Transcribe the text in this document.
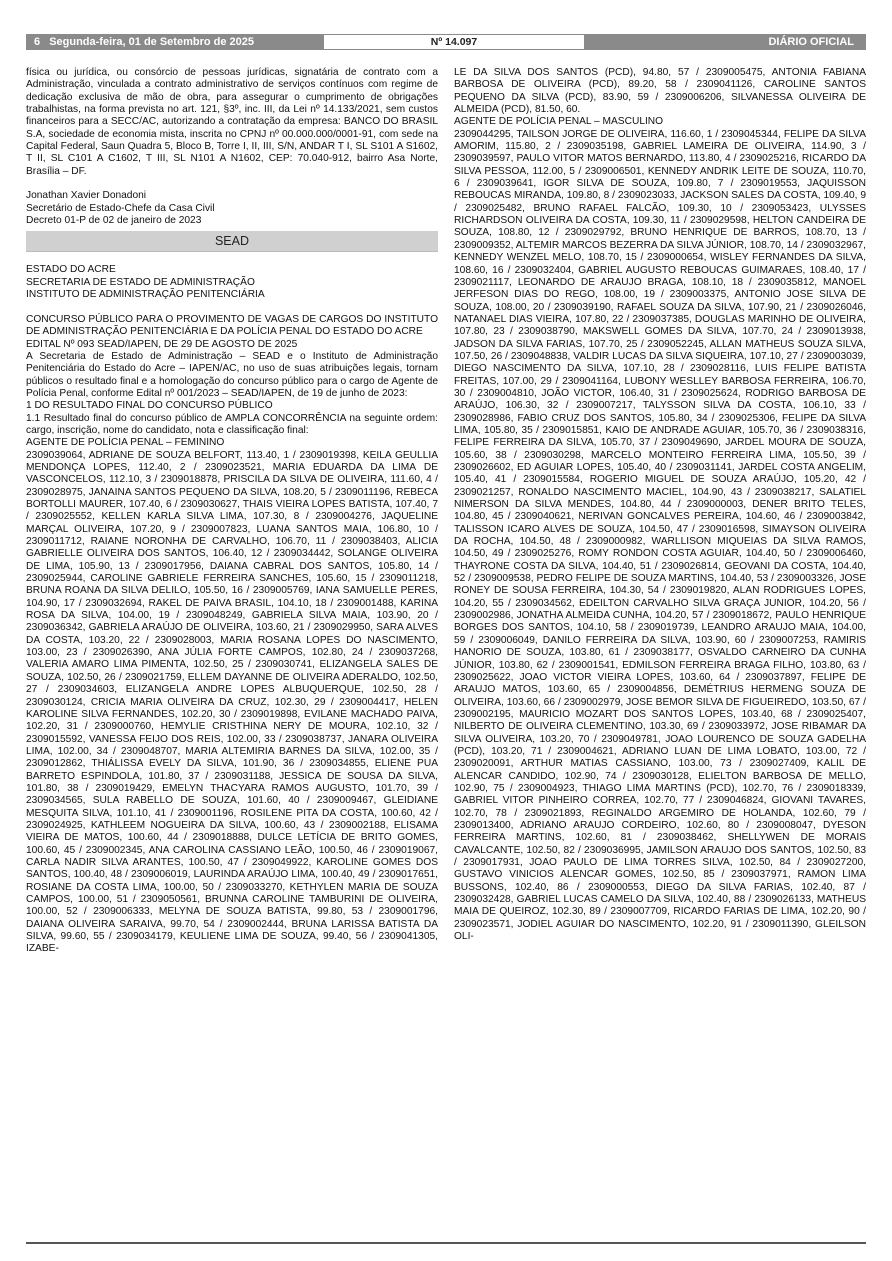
6 Segunda-feira, 01 de Setembro de 2025	Nº 14.097	DIÁRIO OFICIAL

física ou jurídica, ou consórcio de pessoas jurídicas, signatária de contrato com a Administração, vinculada a contrato administrativo de serviços contínuos com regime de dedicação exclusiva de mão de obra, para assegurar o cumprimento de obrigações trabalhistas, na forma prevista no art. 121, §3º, inc. III, da Lei nº 14.133/2021, sem custos financeiros para a SECC/AC, autorizando a contratação da empresa: BANCO DO BRASIL S.A, sociedade de economia mista, inscrita no CPNJ nº 00.000.000/0001-91, com sede na Capital Federal, Saun Quadra 5, Bloco B, Torre I, II, III, S/N, ANDAR T I, SL S101 A S1602, T II, SL C101 A C1602, T III, SL N101 A N1602, CEP: 70.040-912, bairro Asa Norte, Brasília – DF.

Jonathan Xavier Donadoni

Secretário de Estado-Chefe da Casa Civil

Decreto 01-P de 02 de janeiro de 2023

SEAD

ESTADO DO ACRE

SECRETARIA DE ESTADO DE ADMINISTRAÇÃO

INSTITUTO DE ADMINISTRAÇÃO PENITENCIÁRIA

CONCURSO PÚBLICO PARA O PROVIMENTO DE VAGAS DE CARGOS DO INSTITUTO DE ADMINISTRAÇÃO PENITENCIÁRIA E DA POLÍCIA PENAL DO ESTADO DO ACRE

EDITAL Nº 093 SEAD/IAPEN, DE 29 DE AGOSTO DE 2025

A Secretaria de Estado de Administração – SEAD e o Instituto de Administração Penitenciária do Estado do Acre – IAPEN/AC, no uso de suas atribuições legais, tornam públicos o resultado final e a homologação do concurso público para o cargo de Agente de Polícia Penal, conforme Edital nº 001/2023 – SEAD/IAPEN, de 19 de junho de 2023:

1 DO RESULTADO FINAL DO CONCURSO PÚBLICO

1.1 Resultado final do concurso público de AMPLA CONCORRÊNCIA na seguinte ordem: cargo, inscrição, nome do candidato, nota e classificação final:

AGENTE DE POLÍCIA PENAL – FEMININO

2309039064, ADRIANE DE SOUZA BELFORT, 113.40, 1 / 2309019398, KEILA GEULLIA MENDONÇA LOPES, 112.40, 2 / 2309023521, MARIA EDUARDA DA LIMA DE VASCONCELOS, 112.10, 3 / 2309018878, PRISCILA DA SILVA DE OLIVEIRA, 111.60, 4 / 2309028975, JANAINA SANTOS PEQUENO DA SILVA, 108.20, 5 / 2309011196, REBECA BORTOLLI MAURER, 107.40, 6 / 2309030627, THAIS VIEIRA LOPES BATISTA, 107.40, 7 / 2309025552, KELLEN KARLA SILVA LIMA, 107.30, 8 / 2309004276, JAQUELINE MARÇAL OLIVEIRA, 107.20, 9 / 2309007823, LUANA SANTOS MAIA, 106.80, 10 / 2309011712, RAIANE NORONHA DE CARVALHO, 106.70, 11 / 2309038403, ALICIA GABRIELLE OLIVEIRA DOS SANTOS, 106.40, 12 / 2309034442, SOLANGE OLIVEIRA DE LIMA, 105.90, 13 / 2309017956, DAIANA CABRAL DOS SANTOS, 105.80, 14 / 2309025944, CAROLINE GABRIELE FERREIRA SANCHES, 105.60, 15 / 2309011218, BRUNA ROANA DA SILVA DELILO, 105.50, 16 / 2309005769, IANA SAMUELLE PERES, 104.90, 17 / 2309032694, RAKEL DE PAIVA BRASIL, 104.10, 18 / 2309001488, KARINA ROSA DA SILVA, 104.00, 19 / 2309048249, GABRIELA SILVA MAIA, 103.90, 20 / 2309036342, GABRIELA ARAÚJO DE OLIVEIRA, 103.60, 21 / 2309029950, SARA ALVES DA COSTA, 103.20, 22 / 2309028003, MARIA ROSANA LOPES DO NASCIMENTO, 103.00, 23 / 2309026390, ANA JÚLIA FORTE CAMPOS, 102.80, 24 / 2309037268, VALERIA AMARO LIMA PIMENTA, 102.50, 25 / 2309030741, ELIZANGELA SALES DE SOUZA, 102.50, 26 / 2309021759, ELLEM DAYANNE DE OLIVEIRA ADERALDO, 102.50, 27 / 2309034603, ELIZANGELA ANDRE LOPES ALBUQUERQUE, 102.50, 28 / 2309030124, CRICIA MARIA OLIVEIRA DA CRUZ, 102.30, 29 / 2309004417, HELEN KAROLINE SILVA FERNANDES, 102.20, 30 / 2309019898, EVILANE MACHADO PAIVA, 102.20, 31 / 2309000760, HEMYLIE CRISTHINA NERY DE MOURA, 102.10, 32 / 2309015592, VANESSA FEIJO DOS REIS, 102.00, 33 / 2309038737, JANARA OLIVEIRA LIMA, 102.00, 34 / 2309048707, MARIA ALTEMIRIA BARNES DA SILVA, 102.00, 35 / 2309012862, THIÁLISSA EVELY DA SILVA, 101.90, 36 / 2309034855, ELIENE PUA BARRETO ESPINDOLA, 101.80, 37 / 2309031188, JESSICA DE SOUSA DA SILVA, 101.80, 38 / 2309019429, EMELYN THACYARA RAMOS AUGUSTO, 101.70, 39 / 2309034565, SULA RABELLO DE SOUZA, 101.60, 40 / 2309009467, GLEIDIANE MESQUITA SILVA, 101.10, 41 / 2309001196, ROSILENE PITA DA COSTA, 100.60, 42 / 2309024925, KATHLEEM NOGUEIRA DA SILVA, 100.60, 43 / 2309002188, ELISAMA VIEIRA DE MATOS, 100.60, 44 / 2309018888, DULCE LETÍCIA DE BRITO GOMES, 100.60, 45 / 2309002345, ANA CAROLINA CASSIANO LEÃO, 100.50, 46 / 2309019067, CARLA NADIR SILVA ARANTES, 100.50, 47 / 2309049922, KAROLINE GOMES DOS SANTOS, 100.40, 48 / 2309006019, LAURINDA ARAÚJO LIMA, 100.40, 49 / 2309017651, ROSIANE DA COSTA LIMA, 100.00, 50 / 2309033270, KETHYLEN MARIA DE SOUZA CAMPOS, 100.00, 51 / 2309050561, BRUNNA CAROLINE TAMBURINI DE OLIVEIRA, 100.00, 52 / 2309006333, MELYNA DE SOUZA BATISTA, 99.80, 53 / 2309001796, DAIANA OLIVEIRA SARAIVA, 99.70, 54 / 2309002444, BRUNA LARISSA BATISTA DA SILVA, 99.60, 55 / 2309034179, KEULIENE LIMA DE SOUZA, 99.40, 56 / 2309041305, IZABE-

LE DA SILVA DOS SANTOS (PCD), 94.80, 57 / 2309005475, ANTONIA FABIANA BARBOSA DE OLIVEIRA (PCD), 89.20, 58 / 2309041126, CAROLINE SANTOS PEQUENO DA SILVA (PCD), 83.90, 59 / 2309006206, SILVANESSA OLIVEIRA DE ALMEIDA (PCD), 81.50, 60.

AGENTE DE POLÍCIA PENAL – MASCULINO

2309044295, TAILSON JORGE DE OLIVEIRA, 116.60, 1 / 2309045344, FELIPE DA SILVA AMORIM, 115.80, 2 / 2309035198, GABRIEL LAMEIRA DE OLIVEIRA, 114.90, 3 / 2309039597, PAULO VITOR MATOS BERNARDO, 113.80, 4 / 2309025216, RICARDO DA SILVA PESSOA, 112.00, 5 / 2309006501, KENNEDY ANDRIK LEITE DE SOUZA, 110.70, 6 / 2309039641, IGOR SILVA DE SOUZA, 109.80, 7 / 2309019553, JAQUISSON REBOUCAS MIRANDA, 109.80, 8 / 2309023033, JACKSON SALES DA COSTA, 109.40, 9 / 2309025482, BRUNO RAFAEL FALCÃO, 109.30, 10 / 2309053423, ULYSSES RICHARDSON OLIVEIRA DA COSTA, 109.30, 11 / 2309029598, HELTON CANDEIRA DE SOUZA, 108.80, 12 / 2309029792, BRUNO HENRIQUE DE BARROS, 108.70, 13 / 2309009352, ALTEMIR MARCOS BEZERRA DA SILVA JÚNIOR, 108.70, 14 / 2309032967, KENNEDY WENZEL MELO, 108.70, 15 / 2309000654, WISLEY FERNANDES DA SILVA, 108.60, 16 / 2309032404, GABRIEL AUGUSTO REBOUCAS GUIMARAES, 108.40, 17 / 2309021117, LEONARDO DE ARAUJO BRAGA, 108.10, 18 / 2309035812, MANOEL JERFESON DIAS DO REGO, 108.00, 19 / 2309003375, ANTONIO JOSE SILVA DE SOUZA, 108.00, 20 / 2309039190, RAFAEL SOUZA DA SILVA, 107.90, 21 / 2309026046, NATANAEL DIAS VIEIRA, 107.80, 22 / 2309037385, DOUGLAS MARINHO DE OLIVEIRA, 107.80, 23 / 2309038790, MAKSWELL GOMES DA SILVA, 107.70, 24 / 2309013938, JADSON DA SILVA FARIAS, 107.70, 25 / 2309052245, ALLAN MATHEUS SOUZA SILVA, 107.50, 26 / 2309048838, VALDIR LUCAS DA SILVA SIQUEIRA, 107.10, 27 / 2309003039, DIEGO NASCIMENTO DA SILVA, 107.10, 28 / 2309028116, LUIS FELIPE BATISTA FREITAS, 107.00, 29 / 2309041164, LUBONY WESLLEY BARBOSA FERREIRA, 106.70, 30 / 2309004810, JOÃO VICTOR, 106.40, 31 / 2309025624, RODRIGO BARBOSA DE ARAÚJO, 106.30, 32 / 2309007217, TALYSSON SILVA DA COSTA, 106.10, 33 / 2309028986, FABIO CRUZ DOS SANTOS, 105.80, 34 / 2309025306, FELIPE DA SILVA LIMA, 105.80, 35 / 2309015851, KAIO DE ANDRADE AGUIAR, 105.70, 36 / 2309038316, FELIPE FERREIRA DA SILVA, 105.70, 37 / 2309049690, JARDEL MOURA DE SOUZA, 105.60, 38 / 2309030298, MARCELO MONTEIRO FERREIRA LIMA, 105.50, 39 / 2309026602, ED AGUIAR LOPES, 105.40, 40 / 2309031141, JARDEL COSTA ANGELIM, 105.40, 41 / 2309015584, ROGERIO MIGUEL DE SOUZA ARAÚJO, 105.20, 42 / 2309021257, RONALDO NASCIMENTO MACIEL, 104.90, 43 / 2309038217, SALATIEL NIMERSON DA SILVA MENDES, 104.80, 44 / 2309000003, DENER BRITO TELES, 104.80, 45 / 2309040621, NERIVAN GONCALVES PEREIRA, 104.60, 46 / 2309003842, TALISSON ICARO ALVES DE SOUZA, 104.50, 47 / 2309016598, SIMAYSON OLIVEIRA DA ROCHA, 104.50, 48 / 2309000982, WARLLISON MIQUEIAS DA SILVA RAMOS, 104.50, 49 / 2309025276, ROMY RONDON COSTA AGUIAR, 104.40, 50 / 2309006460, THAYRONE COSTA DA SILVA, 104.40, 51 / 2309026814, GEOVANI DA COSTA, 104.40, 52 / 2309009538, PEDRO FELIPE DE SOUZA MARTINS, 104.40, 53 / 2309003326, JOSE RONEY DE SOUSA FERREIRA, 104.30, 54 / 2309019820, ALAN RODRIGUES LOPES, 104.20, 55 / 2309034562, EDEILTON CARVALHO SILVA GRAÇA JUNIOR, 104.20, 56 / 2309002986, JONATHA ALMEIDA CUNHA, 104.20, 57 / 2309018672, PAULO HENRIQUE BORGES DOS SANTOS, 104.10, 58 / 2309019739, LEANDRO ARAUJO MAIA, 104.00, 59 / 2309006049, DANILO FERREIRA DA SILVA, 103.90, 60 / 2309007253, RAMIRIS HANORIO DE SOUZA, 103.80, 61 / 2309038177, OSVALDO CARNEIRO DA CUNHA JÚNIOR, 103.80, 62 / 2309001541, EDMILSON FERREIRA BRAGA FILHO, 103.80, 63 / 2309025622, JOAO VICTOR VIEIRA LOPES, 103.60, 64 / 2309037897, FELIPE DE ARAUJO MATOS, 103.60, 65 / 2309004856, DEMÉTRIUS HERMENG SOUZA DE OLIVEIRA, 103.60, 66 / 2309002979, JOSE BEMOR SILVA DE FIGUEIREDO, 103.50, 67 / 2309002195, MAURICIO MOZART DOS SANTOS LOPES, 103.40, 68 / 2309025407, NILBERTO DE OLIVEIRA CLEMENTINO, 103.30, 69 / 2309033972, JOSE RIBAMAR DA SILVA OLIVEIRA, 103.20, 70 / 2309049781, JOAO LOURENCO DE SOUZA GADELHA (PCD), 103.20, 71 / 2309004621, ADRIANO LUAN DE LIMA LOBATO, 103.00, 72 / 2309020091, ARTHUR MATIAS CASSIANO, 103.00, 73 / 2309027409, KALIL DE ALENCAR CANDIDO, 102.90, 74 / 2309030128, ELIELTON BARBOSA DE MELLO, 102.90, 75 / 2309004923, THIAGO LIMA MARTINS (PCD), 102.70, 76 / 2309018339, GABRIEL VITOR PINHEIRO CORREA, 102.70, 77 / 2309046824, GIOVANI TAVARES, 102.70, 78 / 2309021893, REGINALDO ARGEMIRO DE HOLANDA, 102.60, 79 / 2309013400, ADRIANO ARAUJO CORDEIRO, 102.60, 80 / 2309008047, DYESON FERREIRA MARTINS, 102.60, 81 / 2309038462, SHELLYWEN DE MORAIS CAVALCANTE, 102.50, 82 / 2309036995, JAMILSON ARAUJO DOS SANTOS, 102.50, 83 / 2309017931, JOAO PAULO DE LIMA TORRES SILVA, 102.50, 84 / 2309027200, GUSTAVO VINICIOS ALENCAR GOMES, 102.50, 85 / 2309037971, RAMON LIMA BUSSONS, 102.40, 86 / 2309000553, DIEGO DA SILVA FARIAS, 102.40, 87 / 2309032428, GABRIEL LUCAS CAMELO DA SILVA, 102.40, 88 / 2309026133, MATHEUS MAIA DE QUEIROZ, 102.30, 89 / 2309007709, RICARDO FARIAS DE LIMA, 102.20, 90 / 2309023571, JODIEL AGUIAR DO NASCIMENTO, 102.20, 91 / 2309011390, GLEILSON OLI-
